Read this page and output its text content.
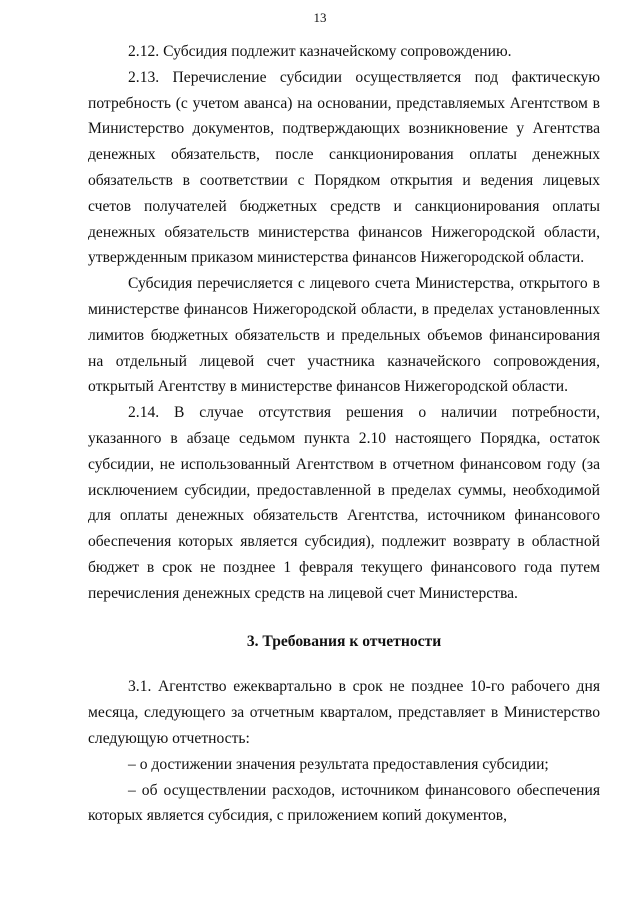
13

2.12. Субсидия подлежит казначейскому сопровождению.

2.13. Перечисление субсидии осуществляется под фактическую потребность (с учетом аванса) на основании, представляемых Агентством в Министерство документов, подтверждающих возникновение у Агентства денежных обязательств, после санкционирования оплаты денежных обязательств в соответствии с Порядком открытия и ведения лицевых счетов получателей бюджетных средств и санкционирования оплаты денежных обязательств министерства финансов Нижегородской области, утвержденным приказом министерства финансов Нижегородской области.

Субсидия перечисляется с лицевого счета Министерства, открытого в министерстве финансов Нижегородской области, в пределах установленных лимитов бюджетных обязательств и предельных объемов финансирования на отдельный лицевой счет участника казначейского сопровождения, открытый Агентству в министерстве финансов Нижегородской области.

2.14. В случае отсутствия решения о наличии потребности, указанного в абзаце седьмом пункта 2.10 настоящего Порядка, остаток субсидии, не использованный Агентством в отчетном финансовом году (за исключением субсидии, предоставленной в пределах суммы, необходимой для оплаты денежных обязательств Агентства, источником финансового обеспечения которых является субсидия), подлежит возврату в областной бюджет в срок не позднее 1 февраля текущего финансового года путем перечисления денежных средств на лицевой счет Министерства.

3. Требования к отчетности

3.1. Агентство ежеквартально в срок не позднее 10-го рабочего дня месяца, следующего за отчетным кварталом, представляет в Министерство следующую отчетность:

– о достижении значения результата предоставления субсидии;

– об осуществлении расходов, источником финансового обеспечения которых является субсидия, с приложением копий документов,
